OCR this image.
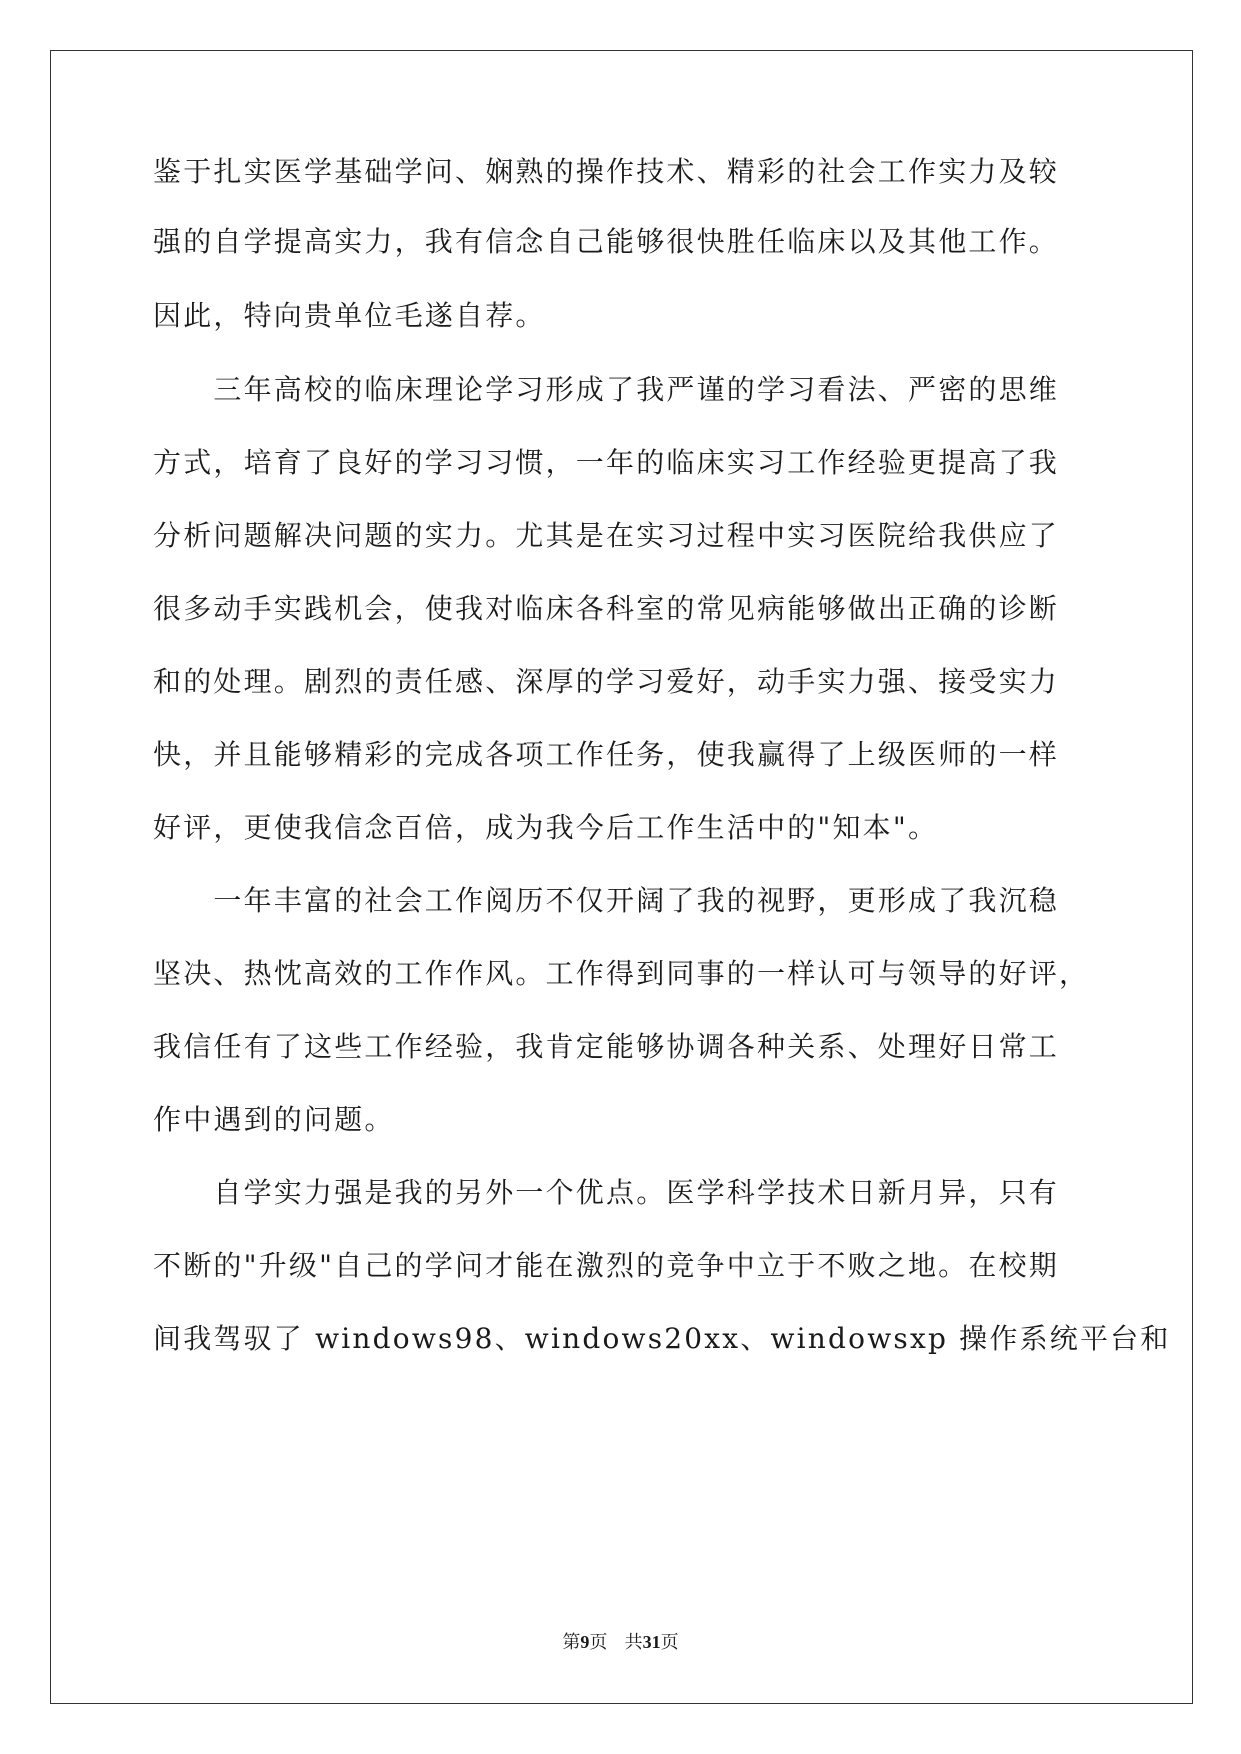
鉴于扎实医学基础学问、娴熟的操作技术、精彩的社会工作实力及较
强的自学提高实力，我有信念自己能够很快胜任临床以及其他工作。
因此，特向贵单位毛遂自荐。
　　三年高校的临床理论学习形成了我严谨的学习看法、严密的思维
方式，培育了良好的学习习惯，一年的临床实习工作经验更提高了我
分析问题解决问题的实力。尤其是在实习过程中实习医院给我供应了
很多动手实践机会，使我对临床各科室的常见病能够做出正确的诊断
和的处理。剧烈的责任感、深厚的学习爱好，动手实力强、接受实力
快，并且能够精彩的完成各项工作任务，使我赢得了上级医师的一样
好评，更使我信念百倍，成为我今后工作生活中的"知本"。
　　一年丰富的社会工作阅历不仅开阔了我的视野，更形成了我沉稳
坚决、热忱高效的工作作风。工作得到同事的一样认可与领导的好评，
我信任有了这些工作经验，我肯定能够协调各种关系、处理好日常工
作中遇到的问题。
　　自学实力强是我的另外一个优点。医学科学技术日新月异，只有
不断的"升级"自己的学问才能在激烈的竞争中立于不败之地。在校期
间我驾驭了 windows98、windows20xx、windowsxp 操作系统平台和
第9页 共31页
